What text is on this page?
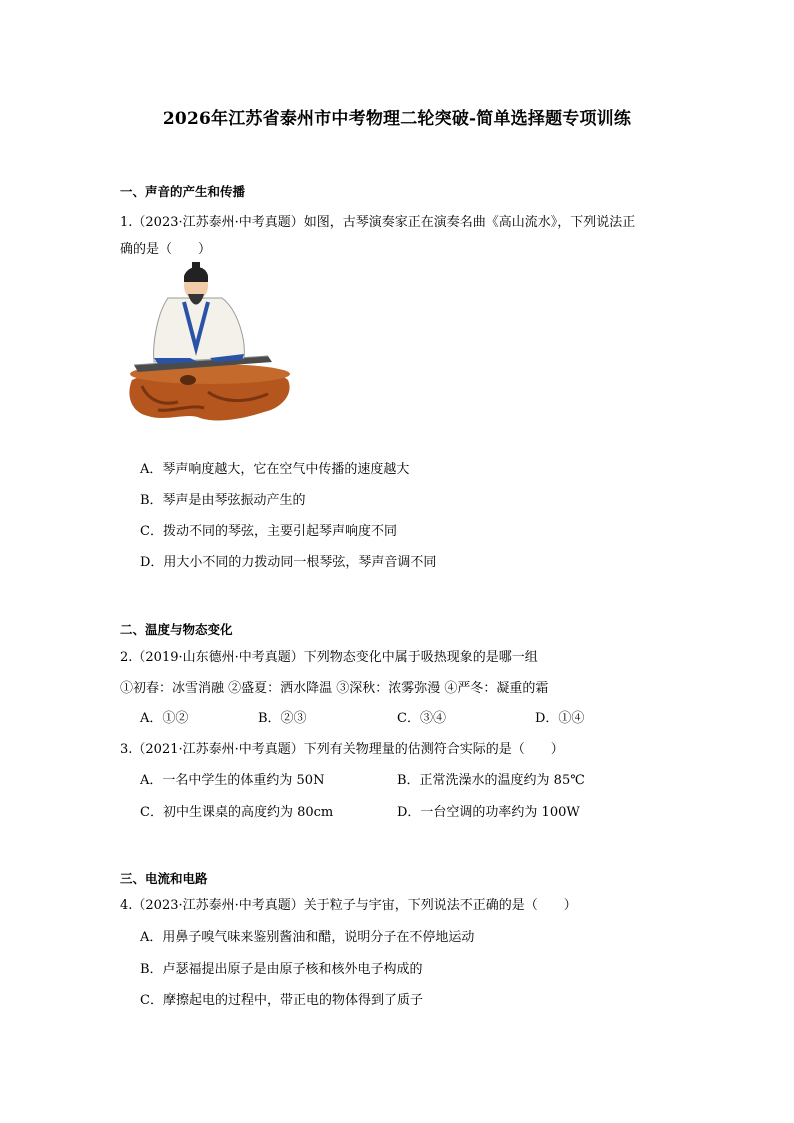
2026年江苏省泰州市中考物理二轮突破-简单选择题专项训练
一、声音的产生和传播
1.（2023·江苏泰州·中考真题）如图，古琴演奏家正在演奏名曲《高山流水》，下列说法正
确的是（　　）
A．琴声响度越大，它在空气中传播的速度越大
B．琴声是由琴弦振动产生的
C．拨动不同的琴弦，主要引起琴声响度不同
D．用大小不同的力拨动同一根琴弦，琴声音调不同
二、温度与物态变化
2.（2019·山东德州·中考真题）下列物态变化中属于吸热现象的是哪一组
①初春：冰雪消融 ②盛夏：洒水降温 ③深秋：浓雾弥漫 ④严冬：凝重的霜
A．①②	B．②③	C．③④	D．①④
3.（2021·江苏泰州·中考真题）下列有关物理量的估测符合实际的是（　　）
A．一名中学生的体重约为 50N	B．正常洗澡水的温度约为 85℃
C．初中生课桌的高度约为 80cm	D．一台空调的功率约为 100W
三、电流和电路
4.（2023·江苏泰州·中考真题）关于粒子与宇宙，下列说法不正确的是（　　）
A．用鼻子嗅气味来鉴别酱油和醋，说明分子在不停地运动
B．卢瑟福提出原子是由原子核和核外电子构成的
C．摩擦起电的过程中，带正电的物体得到了质子
